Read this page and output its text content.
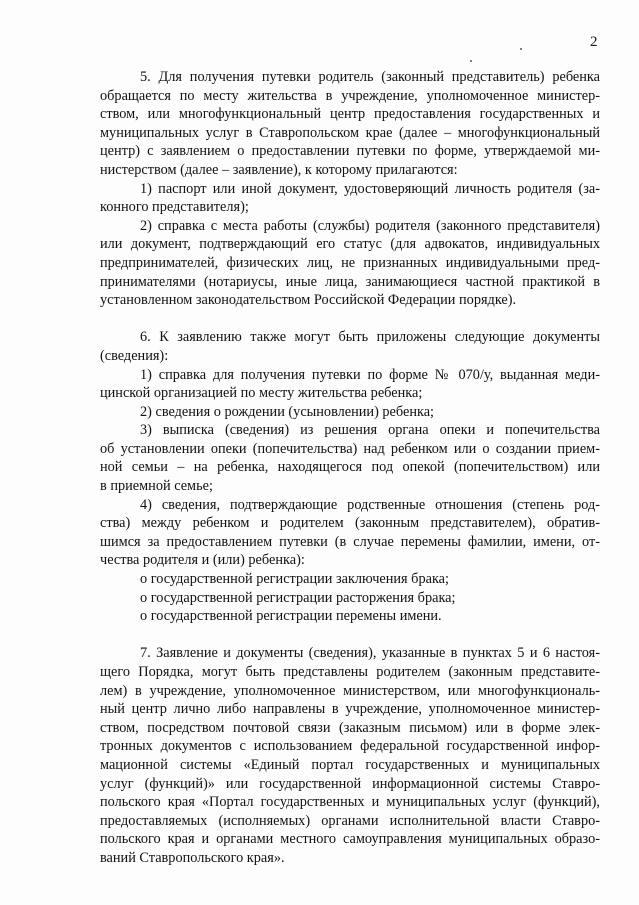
2
5. Для получения путевки родитель (законный представитель) ребенка
обращается по месту жительства в учреждение, уполномоченное министер-
ством, или многофункциональный центр предоставления государственных и
муниципальных услуг в Ставропольском крае (далее – многофункциональный
центр) с заявлением о предоставлении путевки по форме, утверждаемой ми-
нистерством (далее – заявление), к которому прилагаются:
1) паспорт или иной документ, удостоверяющий личность родителя (за-
конного представителя);
2) справка с места работы (службы) родителя (законного представителя)
или документ, подтверждающий его статус (для адвокатов, индивидуальных
предпринимателей, физических лиц, не признанных индивидуальными пред-
принимателями (нотариусы, иные лица, занимающиеся частной практикой в
установленном законодательством Российской Федерации порядке).
6. К заявлению также могут быть приложены следующие документы
(сведения):
1) справка для получения путевки по форме № 070/у, выданная меди-
цинской организацией по месту жительства ребенка;
2) сведения о рождении (усыновлении) ребенка;
3) выписка (сведения) из решения органа опеки и попечительства
об установлении опеки (попечительства) над ребенком или о создании прием-
ной семьи – на ребенка, находящегося под опекой (попечительством) или
в приемной семье;
4) сведения, подтверждающие родственные отношения (степень род-
ства) между ребенком и родителем (законным представителем), обратив-
шимся за предоставлением путевки (в случае перемены фамилии, имени, от-
чества родителя и (или) ребенка):
о государственной регистрации заключения брака;
о государственной регистрации расторжения брака;
о государственной регистрации перемены имени.
7. Заявление и документы (сведения), указанные в пунктах 5 и 6 настоя-
щего Порядка, могут быть представлены родителем (законным представите-
лем) в учреждение, уполномоченное министерством, или многофункциональ-
ный центр лично либо направлены в учреждение, уполномоченное министер-
ством, посредством почтовой связи (заказным письмом) или в форме элек-
тронных документов с использованием федеральной государственной инфор-
мационной системы «Единый портал государственных и муниципальных
услуг (функций)» или государственной информационной системы Ставро-
польского края «Портал государственных и муниципальных услуг (функций),
предоставляемых (исполняемых) органами исполнительной власти Ставро-
польского края и органами местного самоуправления муниципальных образо-
ваний Ставропольского края».
